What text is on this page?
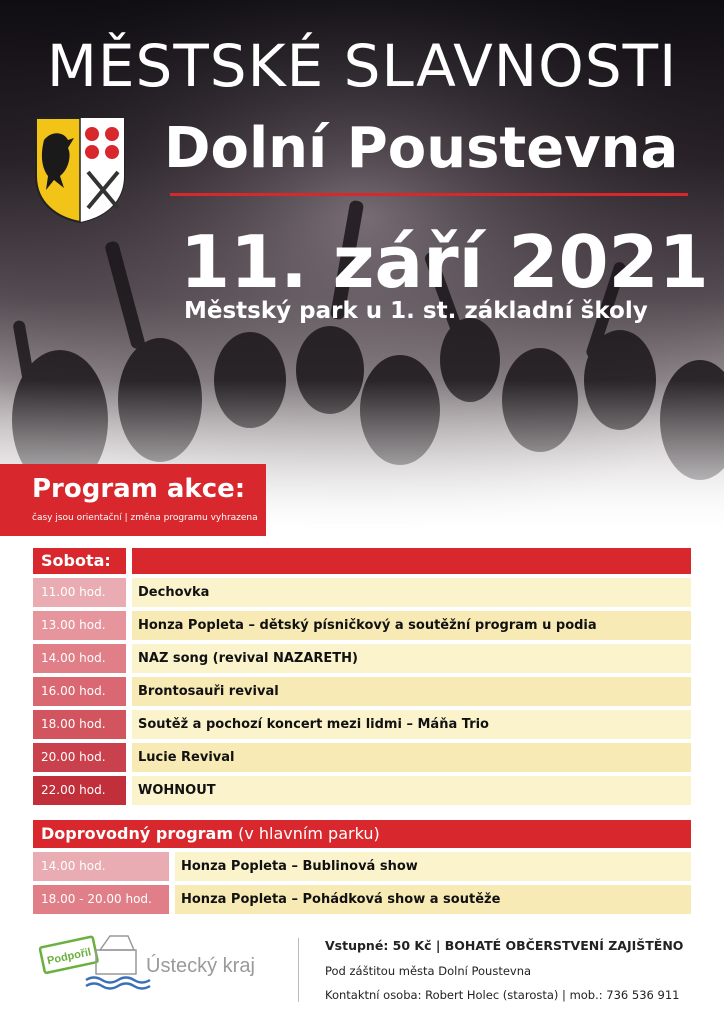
MĚSTSKÉ SLAVNOSTI
Dolní Poustevna
11. září 2021
Městský park u 1. st. základní školy
Program akce:
časy jsou orientační | změna programu vyhrazena
Sobota:
11.00 hod.	Dechovka
13.00 hod.	Honza Popleta – dětský písničkový a soutěžní program u podia
14.00 hod.	NAZ song (revival NAZARETH)
16.00 hod.	Brontosauři revival
18.00 hod.	Soutěž a pochozí koncert mezi lidmi – Máňa Trio
20.00 hod.	Lucie Revival
22.00 hod.	WOHNOUT
Doprovodný program (v hlavním parku)
14.00 hod.	Honza Popleta – Bublinová show
18.00 - 20.00 hod.	Honza Popleta – Pohádková show a soutěže
Podpořil	Ústecký kraj
Vstupné: 50 Kč | BOHATÉ OBČERSTVENÍ ZAJIŠTĚNO
Pod záštitou města Dolní Poustevna
Kontaktní osoba: Robert Holec (starosta) | mob.: 736 536 911
